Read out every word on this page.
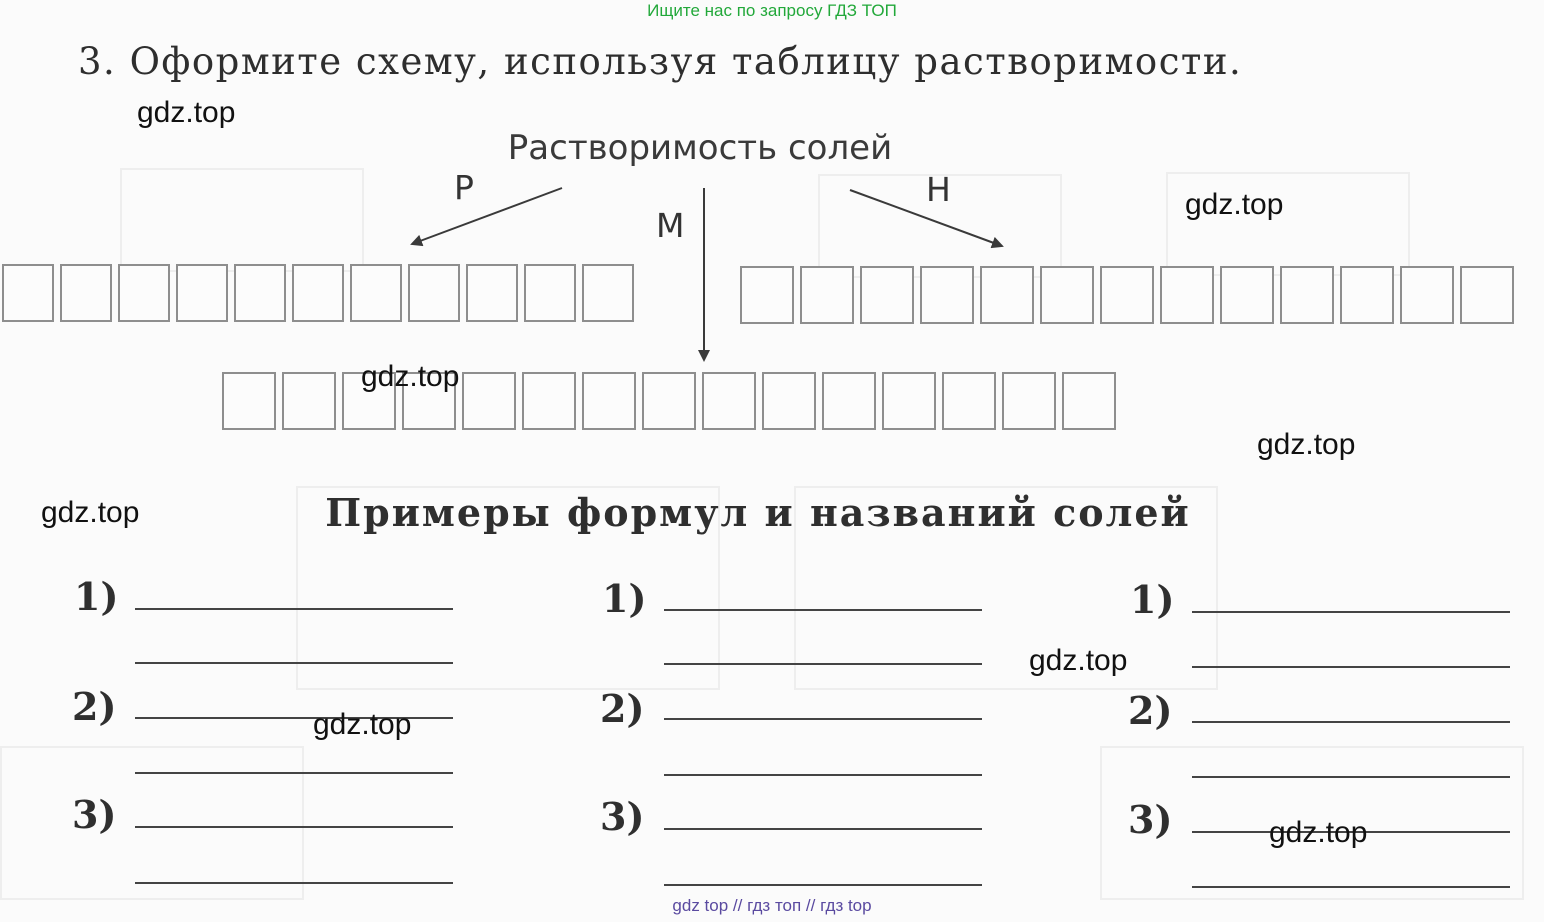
Ищите нас по запросу ГДЗ ТОП
3. Оформите схему, используя таблицу растворимости.
Растворимость солей
Р
М
Н
Примеры формул и названий солей
1)
2)
3)
1)
2)
3)
1)
2)
3)
gdz.top
gdz.top
gdz.top
gdz.top
gdz.top
gdz.top
gdz.top
gdz.top
gdz top // гдз топ // гдз top
